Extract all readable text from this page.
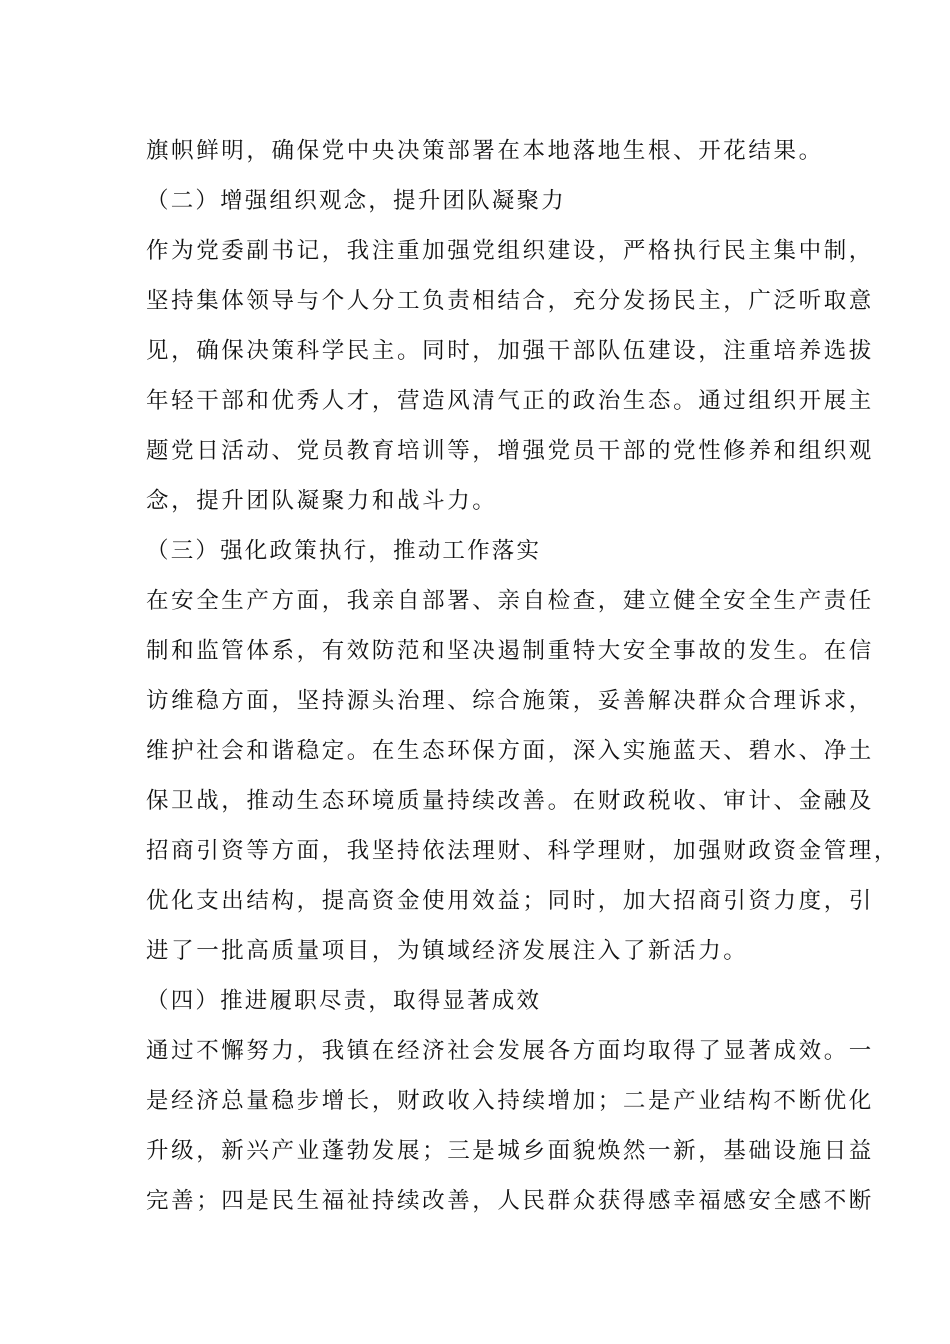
旗帜鲜明，确保党中央决策部署在本地落地生根、开花结果。
（二）增强组织观念，提升团队凝聚力
作为党委副书记，我注重加强党组织建设，严格执行民主集中制，
坚持集体领导与个人分工负责相结合，充分发扬民主，广泛听取意
见，确保决策科学民主。同时，加强干部队伍建设，注重培养选拔
年轻干部和优秀人才，营造风清气正的政治生态。通过组织开展主
题党日活动、党员教育培训等，增强党员干部的党性修养和组织观
念，提升团队凝聚力和战斗力。
（三）强化政策执行，推动工作落实
在安全生产方面，我亲自部署、亲自检查，建立健全安全生产责任
制和监管体系，有效防范和坚决遏制重特大安全事故的发生。在信
访维稳方面，坚持源头治理、综合施策，妥善解决群众合理诉求，
维护社会和谐稳定。在生态环保方面，深入实施蓝天、碧水、净土
保卫战，推动生态环境质量持续改善。在财政税收、审计、金融及
招商引资等方面，我坚持依法理财、科学理财，加强财政资金管理，
优化支出结构，提高资金使用效益；同时，加大招商引资力度，引
进了一批高质量项目，为镇域经济发展注入了新活力。
（四）推进履职尽责，取得显著成效
通过不懈努力，我镇在经济社会发展各方面均取得了显著成效。一
是经济总量稳步增长，财政收入持续增加；二是产业结构不断优化
升级，新兴产业蓬勃发展；三是城乡面貌焕然一新，基础设施日益
完善；四是民生福祉持续改善，人民群众获得感幸福感安全感不断
